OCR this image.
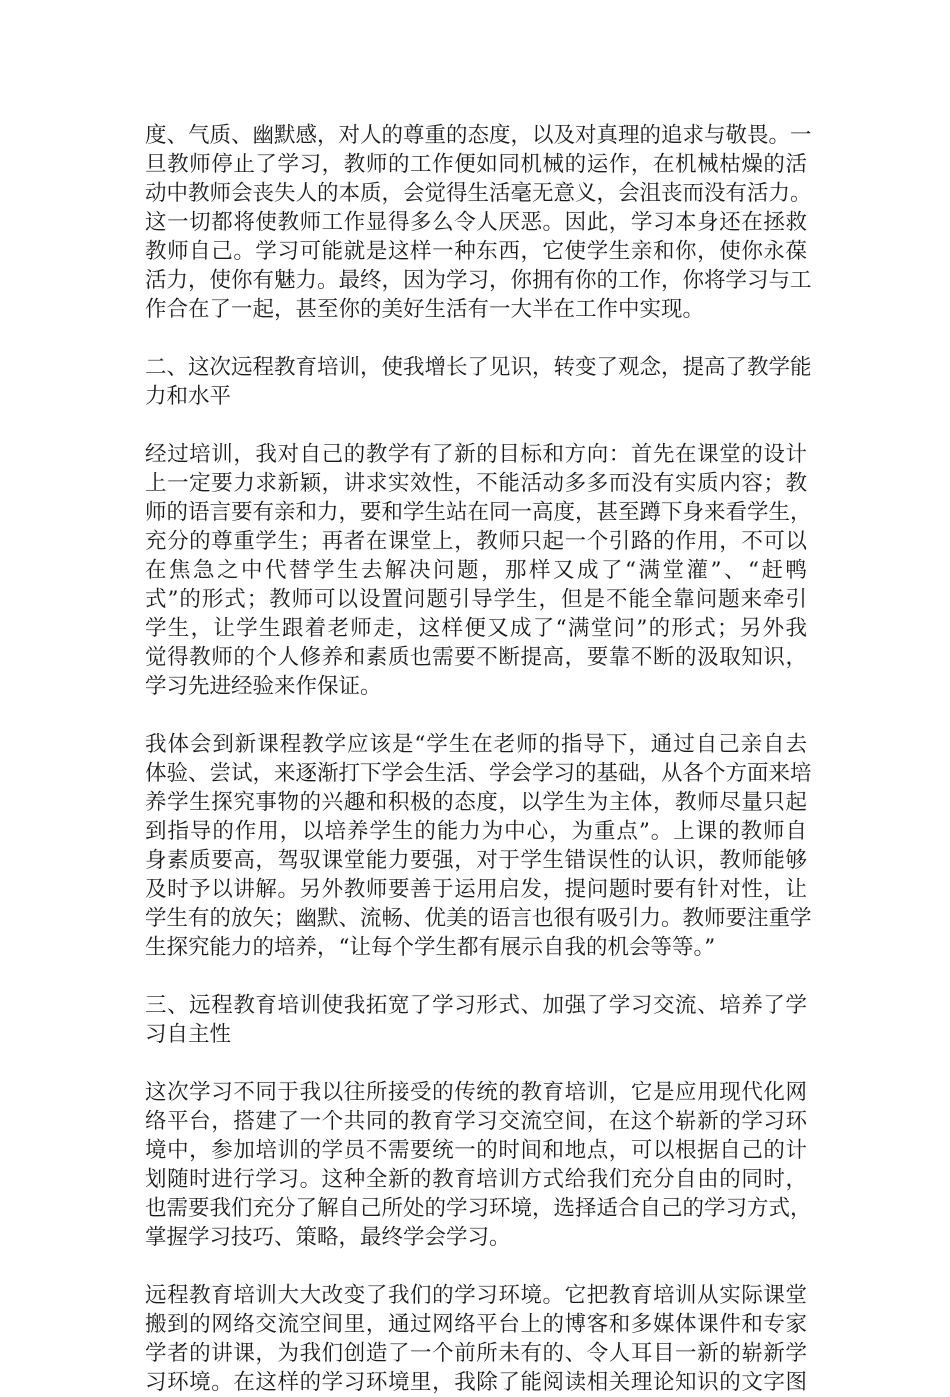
度、气质、幽默感，对人的尊重的态度，以及对真理的追求与敬畏。一
旦教师停止了学习，教师的工作便如同机械的运作，在机械枯燥的活
动中教师会丧失人的本质，会觉得生活毫无意义，会沮丧而没有活力。
这一切都将使教师工作显得多么令人厌恶。因此，学习本身还在拯救
教师自己。学习可能就是这样一种东西，它使学生亲和你，使你永葆
活力，使你有魅力。最终，因为学习，你拥有你的工作，你将学习与工
作合在了一起，甚至你的美好生活有一大半在工作中实现。
二、这次远程教育培训，使我增长了见识，转变了观念，提高了教学能
力和水平
经过培训，我对自己的教学有了新的目标和方向：首先在课堂的设计
上一定要力求新颖，讲求实效性，不能活动多多而没有实质内容；教
师的语言要有亲和力，要和学生站在同一高度，甚至蹲下身来看学生，
充分的尊重学生；再者在课堂上，教师只起一个引路的作用，不可以
在焦急之中代替学生去解决问题，那样又成了“满堂灌”、“赶鸭
式”的形式；教师可以设置问题引导学生，但是不能全靠问题来牵引
学生，让学生跟着老师走，这样便又成了“满堂问”的形式；另外我
觉得教师的个人修养和素质也需要不断提高，要靠不断的汲取知识，
学习先进经验来作保证。
我体会到新课程教学应该是“学生在老师的指导下，通过自己亲自去
体验、尝试，来逐渐打下学会生活、学会学习的基础，从各个方面来培
养学生探究事物的兴趣和积极的态度，以学生为主体，教师尽量只起
到指导的作用，以培养学生的能力为中心，为重点”。上课的教师自
身素质要高，驾驭课堂能力要强，对于学生错误性的认识，教师能够
及时予以讲解。另外教师要善于运用启发，提问题时要有针对性，让
学生有的放矢；幽默、流畅、优美的语言也很有吸引力。教师要注重学
生探究能力的培养，“让每个学生都有展示自我的机会等等。”
三、远程教育培训使我拓宽了学习形式、加强了学习交流、培养了学
习自主性
这次学习不同于我以往所接受的传统的教育培训，它是应用现代化网
络平台，搭建了一个共同的教育学习交流空间，在这个崭新的学习环
境中，参加培训的学员不需要统一的时间和地点，可以根据自己的计
划随时进行学习。这种全新的教育培训方式给我们充分自由的同时，
也需要我们充分了解自己所处的学习环境，选择适合自己的学习方式，
掌握学习技巧、策略，最终学会学习。
远程教育培训大大改变了我们的学习环境。它把教育培训从实际课堂
搬到的网络交流空间里，通过网络平台上的博客和多媒体课件和专家
学者的讲课，为我们创造了一个前所未有的、令人耳目一新的崭新学
习环境。在这样的学习环境里，我除了能阅读相关理论知识的文字图
